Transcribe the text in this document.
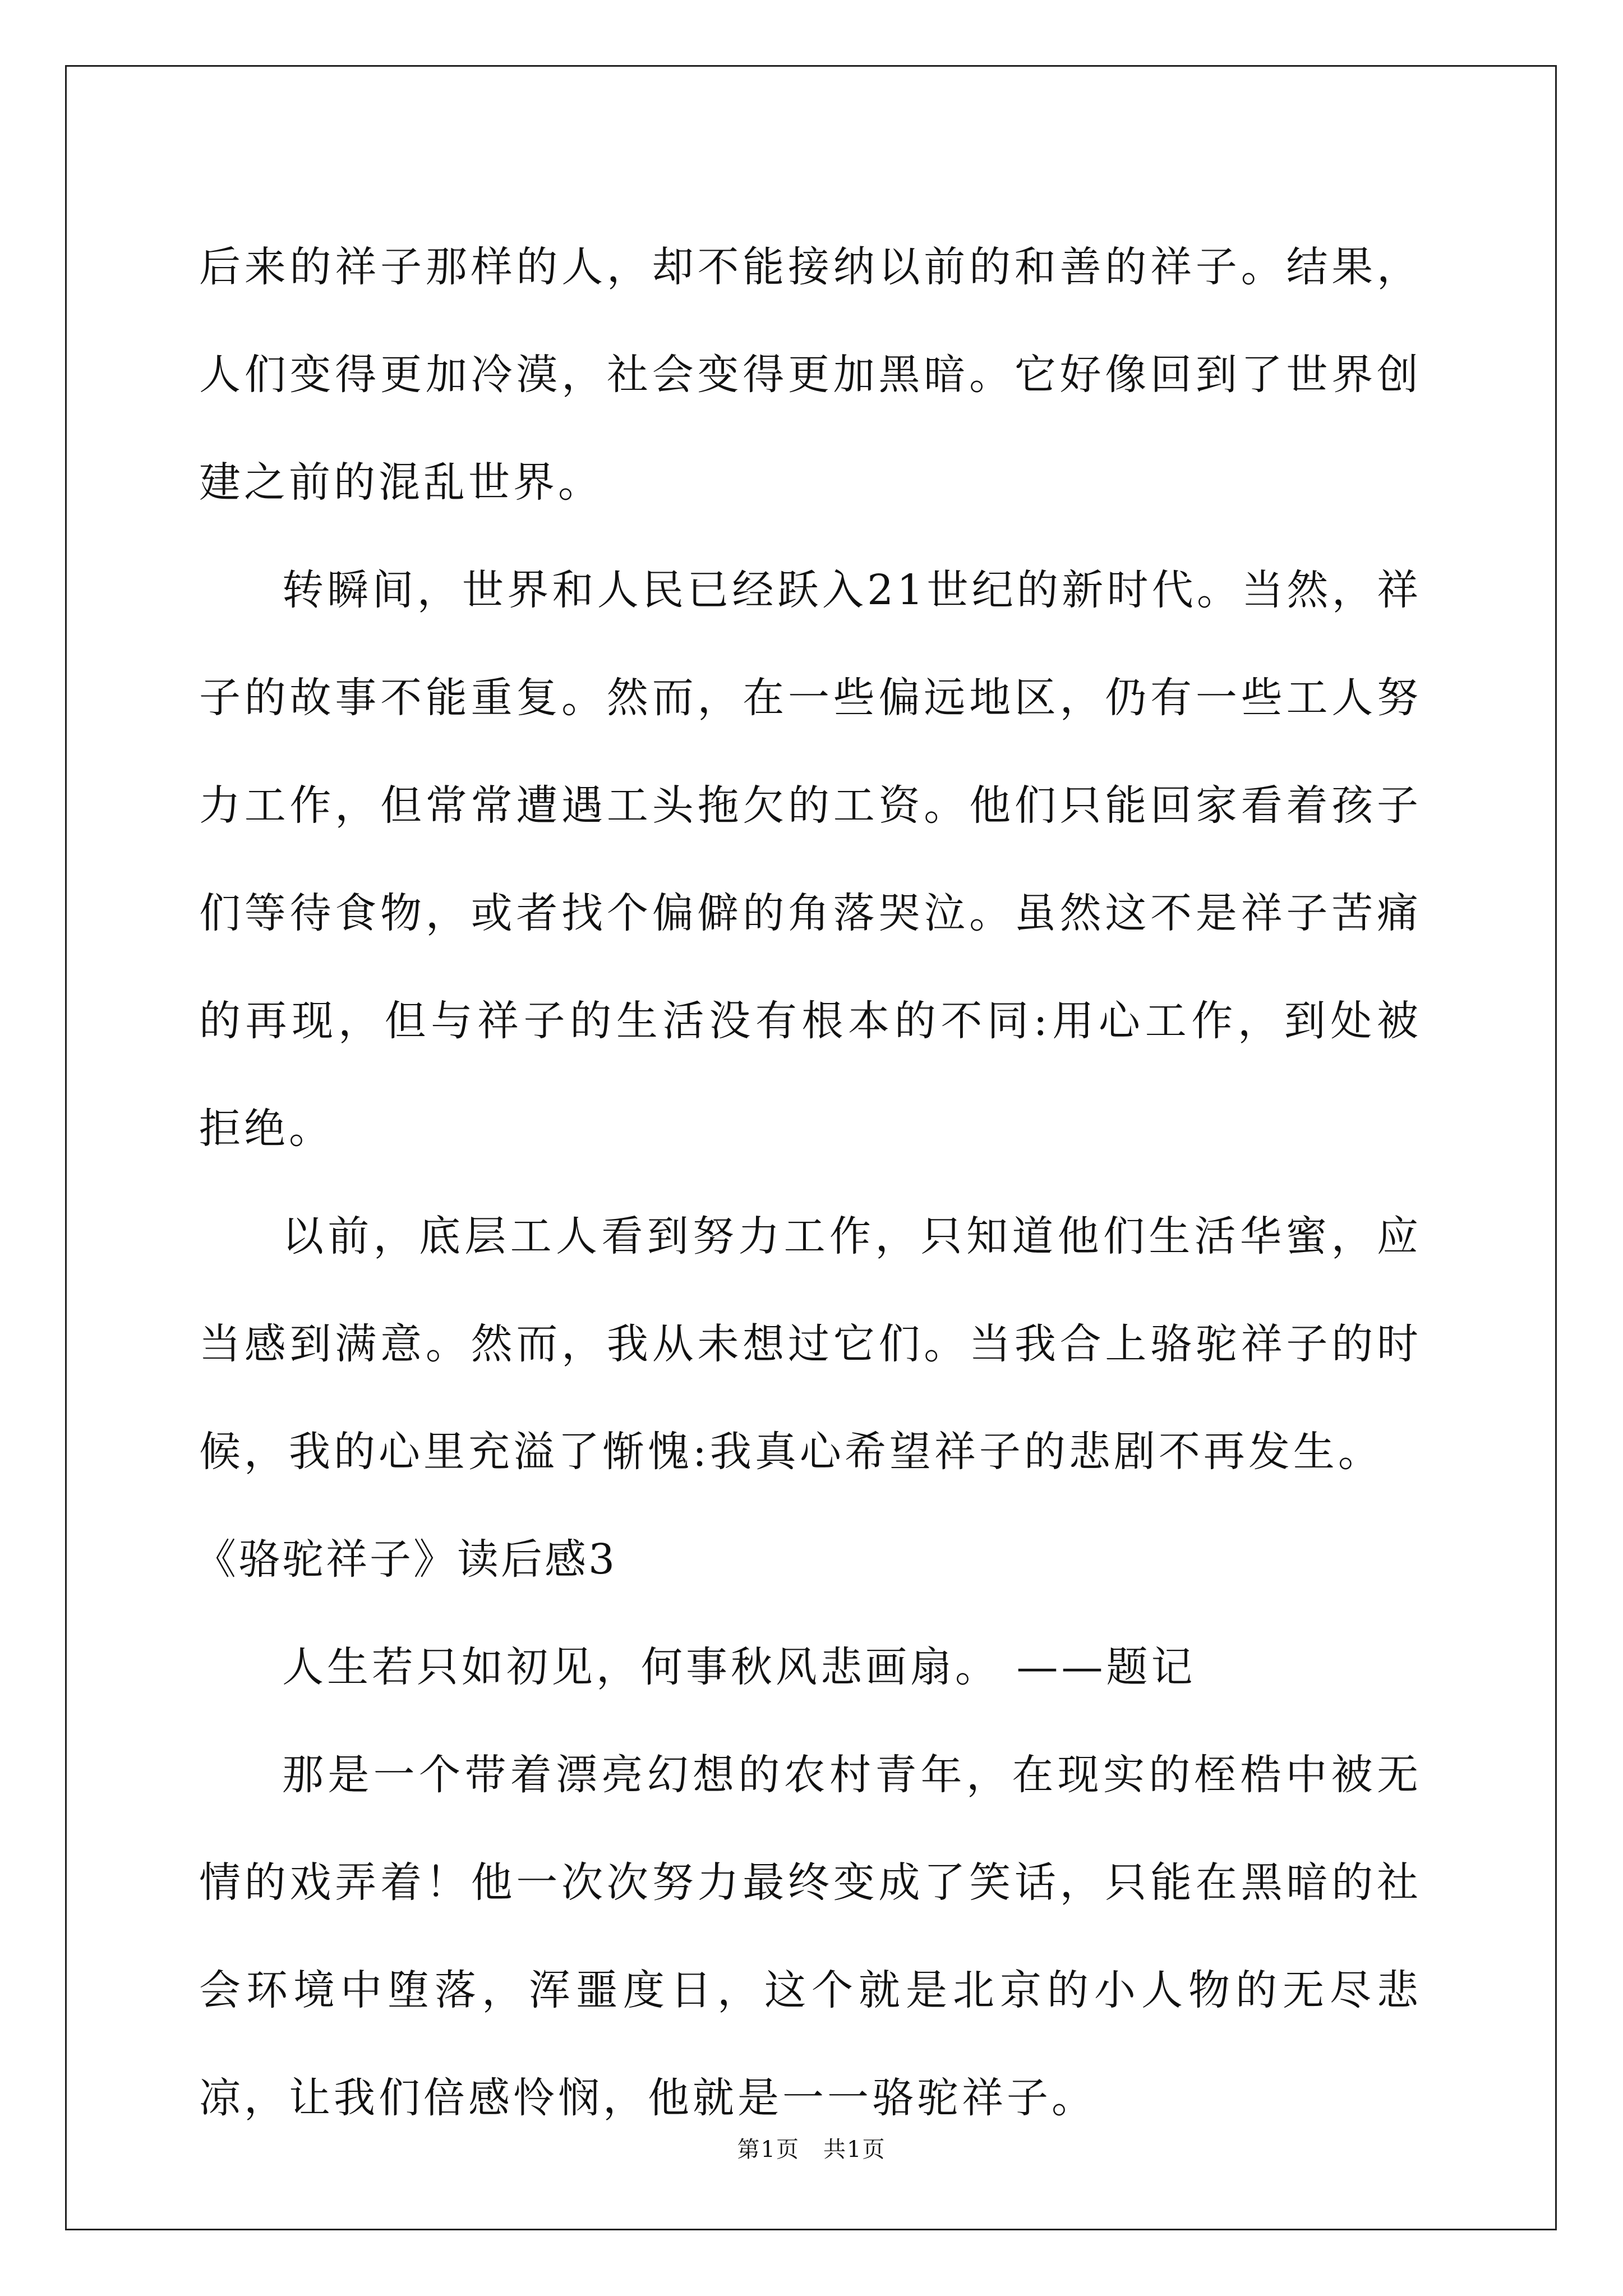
后来的祥子那样的人，却不能接纳以前的和善的祥子。结果，人们变得更加冷漠，社会变得更加黑暗。它好像回到了世界创建之前的混乱世界。

转瞬间，世界和人民已经跃入21世纪的新时代。当然，祥子的故事不能重复。然而，在一些偏远地区，仍有一些工人努力工作，但常常遭遇工头拖欠的工资。他们只能回家看着孩子们等待食物，或者找个偏僻的角落哭泣。虽然这不是祥子苦痛的再现，但与祥子的生活没有根本的不同:用心工作，到处被拒绝。

以前，底层工人看到努力工作，只知道他们生活华蜜，应当感到满意。然而，我从未想过它们。当我合上骆驼祥子的时候，我的心里充溢了惭愧:我真心希望祥子的悲剧不再发生。

《骆驼祥子》读后感3

人生若只如初见，何事秋风悲画扇。 ——题记

那是一个带着漂亮幻想的农村青年，在现实的桎梏中被无情的戏弄着！他一次次努力最终变成了笑话，只能在黑暗的社会环境中堕落，浑噩度日，这个就是北京的小人物的无尽悲凉，让我们倍感怜悯，他就是一一骆驼祥子。

第1页　共1页
